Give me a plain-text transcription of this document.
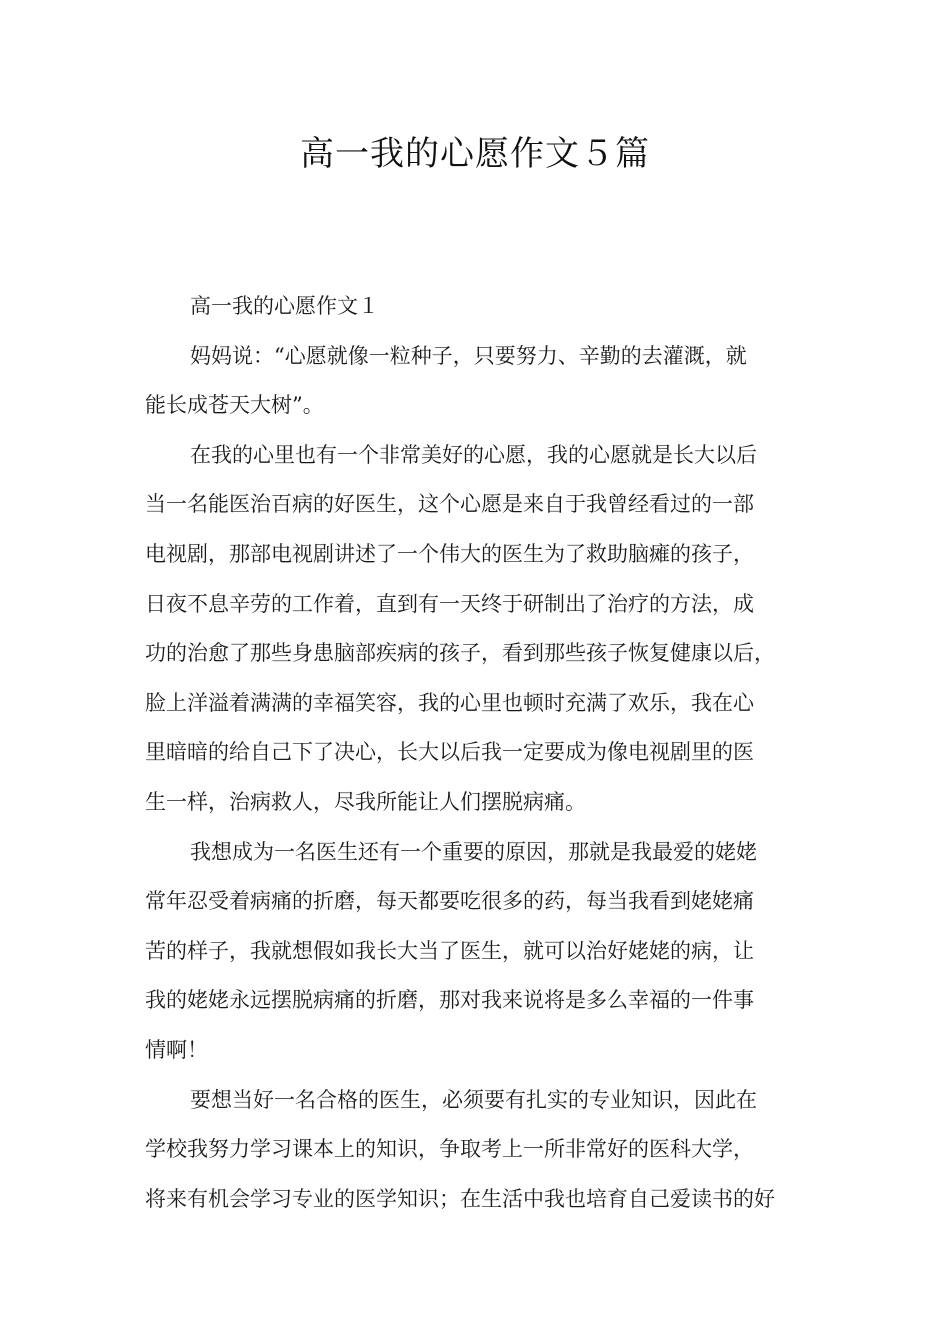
高一我的心愿作文５篇
高一我的心愿作文１
妈妈说：“心愿就像一粒种子，只要努力、辛勤的去灌溉，就
能长成苍天大树”。
在我的心里也有一个非常美好的心愿，我的心愿就是长大以后
当一名能医治百病的好医生，这个心愿是来自于我曾经看过的一部
电视剧，那部电视剧讲述了一个伟大的医生为了救助脑瘫的孩子，
日夜不息辛劳的工作着，直到有一天终于研制出了治疗的方法，成
功的治愈了那些身患脑部疾病的孩子，看到那些孩子恢复健康以后，
脸上洋溢着满满的幸福笑容，我的心里也顿时充满了欢乐，我在心
里暗暗的给自己下了决心，长大以后我一定要成为像电视剧里的医
生一样，治病救人，尽我所能让人们摆脱病痛。
我想成为一名医生还有一个重要的原因，那就是我最爱的姥姥
常年忍受着病痛的折磨，每天都要吃很多的药，每当我看到姥姥痛
苦的样子，我就想假如我长大当了医生，就可以治好姥姥的病，让
我的姥姥永远摆脱病痛的折磨，那对我来说将是多么幸福的一件事
情啊！
要想当好一名合格的医生，必须要有扎实的专业知识，因此在
学校我努力学习课本上的知识，争取考上一所非常好的医科大学，
将来有机会学习专业的医学知识；在生活中我也培育自己爱读书的好
